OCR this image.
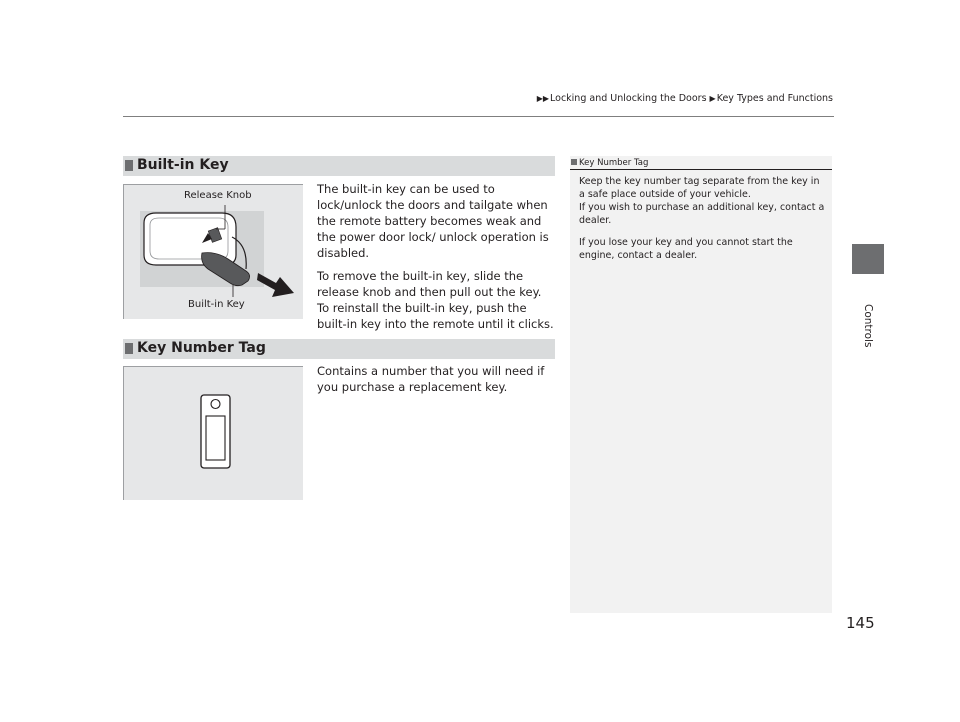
▶▶Locking and Unlocking the Doors ▶Key Types and Functions
Controls
Built-in Key
Release Knob
Built-in Key

The built-in key can be used to lock/unlock the doors and tailgate when the remote battery becomes weak and the power door lock/ unlock operation is disabled.

To remove the built-in key, slide the release knob and then pull out the key. To reinstall the built-in key, push the built-in key into the remote until it clicks.

Key Number Tag

Contains a number that you will need if you purchase a replacement key.

Key Number Tag

Keep the key number tag separate from the key in a safe place outside of your vehicle.

If you wish to purchase an additional key, contact a dealer.

If you lose your key and you cannot start the engine, contact a dealer.

145
